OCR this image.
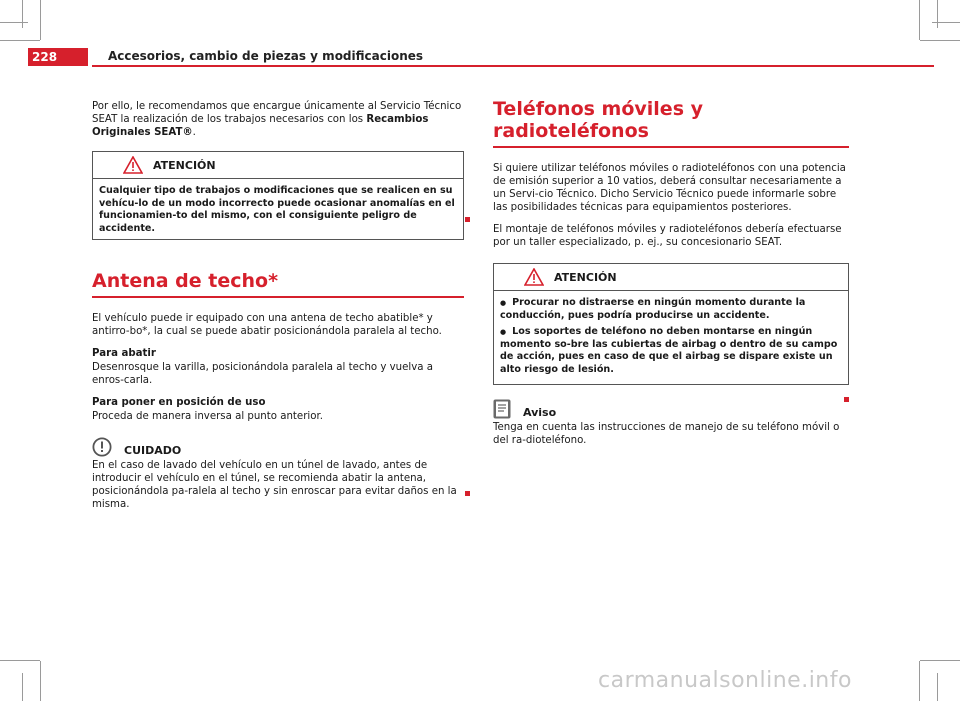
228	Accesorios, cambio de piezas y modificaciones

Por ello, le recomendamos que encargue únicamente al Servicio Técnico SEAT la realización de los trabajos necesarios con los Recambios Originales SEAT®.

ATENCIÓN
Cualquier tipo de trabajos o modificaciones que se realicen en su vehícu-lo de un modo incorrecto puede ocasionar anomalías en el funcionamien-to del mismo, con el consiguiente peligro de accidente.
Antena de techo*

El vehículo puede ir equipado con una antena de techo abatible* y antirro-bo*, la cual se puede abatir posicionándola paralela al techo.

Para abatir

Desenrosque la varilla, posicionándola paralela al techo y vuelva a enros-carla.

Para poner en posición de uso

Proceda de manera inversa al punto anterior.

CUIDADO

En el caso de lavado del vehículo en un túnel de lavado, antes de introducir el vehículo en el túnel, se recomienda abatir la antena, posicionándola pa-ralela al techo y sin enroscar para evitar daños en la misma.

Teléfonos móviles y radioteléfonos

Si quiere utilizar teléfonos móviles o radioteléfonos con una potencia de emisión superior a 10 vatios, deberá consultar necesariamente a un Servi-cio Técnico. Dicho Servicio Técnico puede informarle sobre las posibilidades técnicas para equipamientos posteriores.

El montaje de teléfonos móviles y radioteléfonos debería efectuarse por un taller especializado, p. ej., su concesionario SEAT.

ATENCIÓN

● Procurar no distraerse en ningún momento durante la conducción, pues podría producirse un accidente.

● Los soportes de teléfono no deben montarse en ningún momento so-bre las cubiertas de airbag o dentro de su campo de acción, pues en caso de que el airbag se dispare existe un alto riesgo de lesión.

Aviso

Tenga en cuenta las instrucciones de manejo de su teléfono móvil o del ra-dioteléfono.

carmanualsonline.info
